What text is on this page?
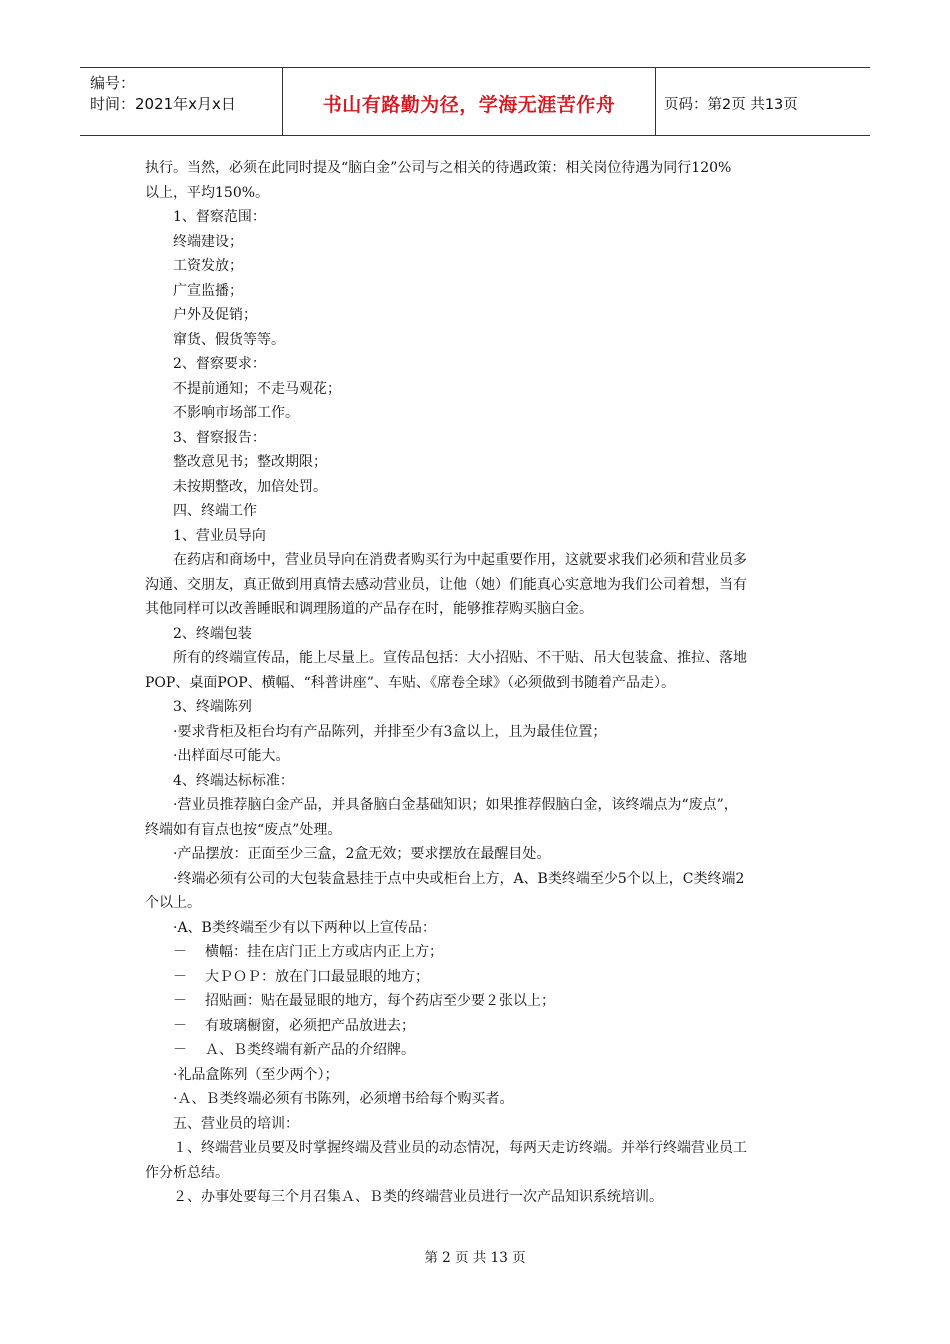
编号：
时间：2021年x月x日	书山有路勤为径，学海无涯苦作舟	页码：第2页 共13页
执行。当然，必须在此同时提及“脑白金”公司与之相关的待遇政策：相关岗位待遇为同行120%
以上，平均150%。
1、督察范围：
终端建设；
工资发放；
广宣监播；
户外及促销；
窜货、假货等等。
2、督察要求：
不提前通知；不走马观花；
不影响市场部工作。
3、督察报告：
整改意见书；整改期限；
未按期整改，加倍处罚。
四、终端工作
1、营业员导向
在药店和商场中，营业员导向在消费者购买行为中起重要作用，这就要求我们必须和营业员多
沟通、交朋友，真正做到用真情去感动营业员，让他（她）们能真心实意地为我们公司着想，当有
其他同样可以改善睡眠和调理肠道的产品存在时，能够推荐购买脑白金。
2、终端包装
所有的终端宣传品，能上尽量上。宣传品包括：大小招贴、不干贴、吊大包装盒、推拉、落地
POP、桌面POP、横幅、“科普讲座”、车贴、《席卷全球》（必须做到书随着产品走）。
3、终端陈列
·要求背柜及柜台均有产品陈列，并排至少有3盒以上，且为最佳位置；
·出样面尽可能大。
4、终端达标标准：
·营业员推荐脑白金产品，并具备脑白金基础知识；如果推荐假脑白金，该终端点为“废点”，
终端如有盲点也按“废点”处理。
·产品摆放：正面至少三盒，2盒无效；要求摆放在最醒目处。
·终端必须有公司的大包装盒悬挂于点中央或柜台上方，A、B类终端至少5个以上，C类终端2
个以上。
·A、B类终端至少有以下两种以上宣传品：
－ 横幅：挂在店门正上方或店内正上方；
－ 大ＰＯＰ：放在门口最显眼的地方；
－ 招贴画：贴在最显眼的地方，每个药店至少要２张以上；
－ 有玻璃橱窗，必须把产品放进去；
－ Ａ、Ｂ类终端有新产品的介绍牌。
·礼品盒陈列（至少两个）；
·Ａ、Ｂ类终端必须有书陈列，必须增书给每个购买者。
五、营业员的培训：
１、终端营业员要及时掌握终端及营业员的动态情况，每两天走访终端。并举行终端营业员工
作分析总结。
２、办事处要每三个月召集Ａ、Ｂ类的终端营业员进行一次产品知识系统培训。
第 2 页 共 13 页
